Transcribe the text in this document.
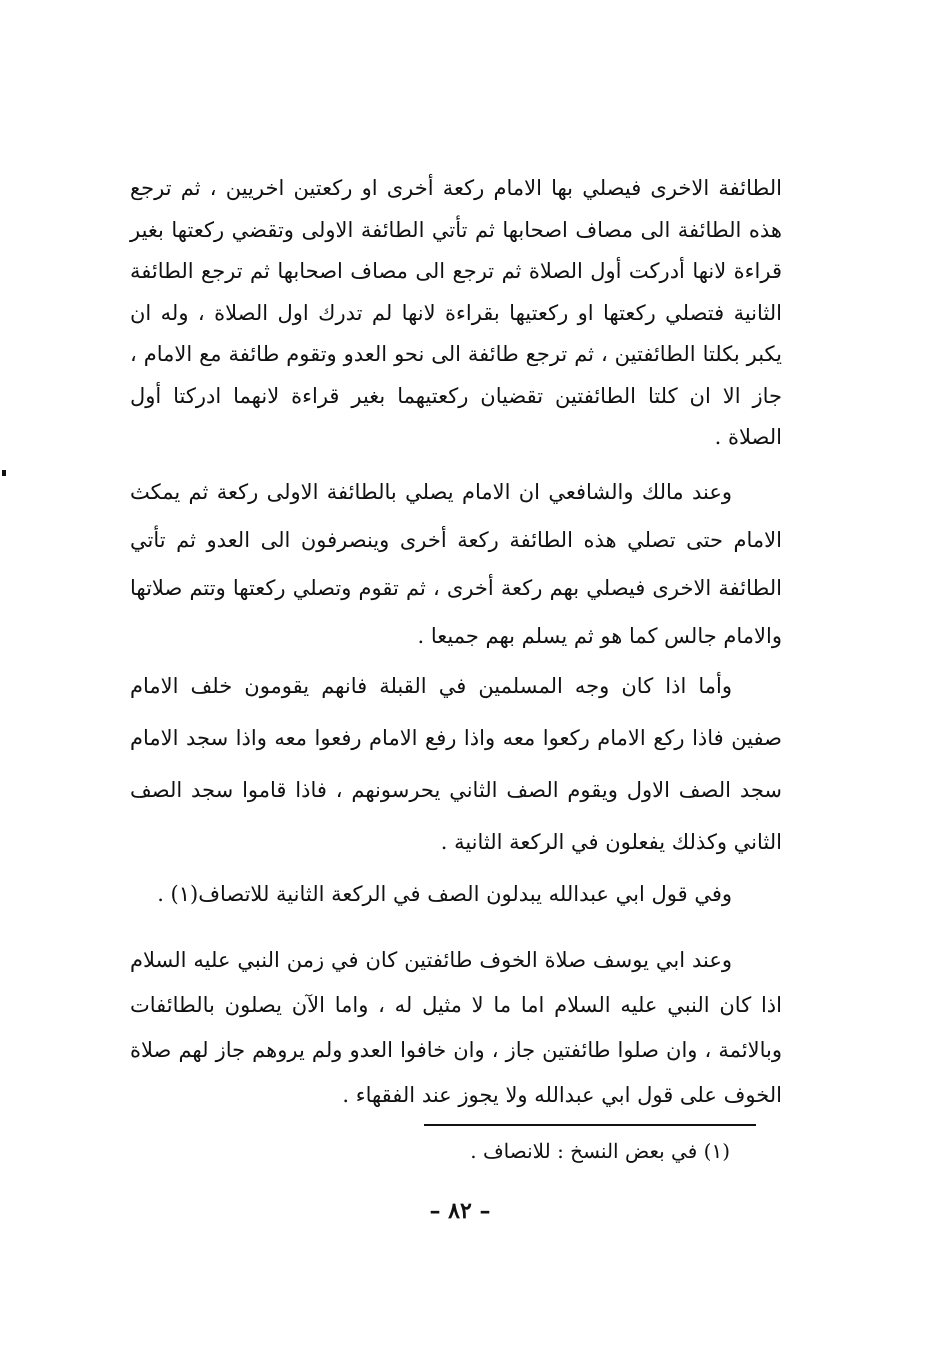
الطائفة الاخرى فيصلي بها الامام ركعة أخرى او ركعتين اخريين ، ثم ترجع هذه الطائفة الى مصاف اصحابها ثم تأتي الطائفة الاولى وتقضي ركعتها بغير قراءة لانها أدركت أول الصلاة ثم ترجع الى مصاف اصحابها ثم ترجع الطائفة الثانية فتصلي ركعتها او ركعتيها بقراءة لانها لم تدرك اول الصلاة ، وله ان يكبر بكلتا الطائفتين ، ثم ترجع طائفة الى نحو العدو وتقوم طائفة مع الامام ، جاز الا ان كلتا الطائفتين تقضيان ركعتيهما بغير قراءة لانهما ادركتا أول الصلاة .

وعند مالك والشافعي ان الامام يصلي بالطائفة الاولى ركعة ثم يمكث الامام حتى تصلي هذه الطائفة ركعة أخرى وينصرفون الى العدو ثم تأتي الطائفة الاخرى فيصلي بهم ركعة أخرى ، ثم تقوم وتصلي ركعتها وتتم صلاتها والامام جالس كما هو ثم يسلم بهم جميعا .

وأما اذا كان وجه المسلمين في القبلة فانهم يقومون خلف الامام صفين فاذا ركع الامام ركعوا معه واذا رفع الامام رفعوا معه واذا سجد الامام سجد الصف الاول ويقوم الصف الثاني يحرسونهم ، فاذا قاموا سجد الصف الثاني وكذلك يفعلون في الركعة الثانية .

وفي قول ابي عبدالله يبدلون الصف في الركعة الثانية للاتصاف(١) .

وعند ابي يوسف صلاة الخوف طائفتين كان في زمن النبي عليه السلام اذا كان النبي عليه السلام اما ما لا مثيل له ، واما الآن يصلون بالطائفات وبالائمة ، وان صلوا طائفتين جاز ، وان خافوا العدو ولم يروهم جاز لهم صلاة الخوف على قول ابي عبدالله ولا يجوز عند الفقهاء .

(١) في بعض النسخ : للانصاف .

– ٨٢ –
